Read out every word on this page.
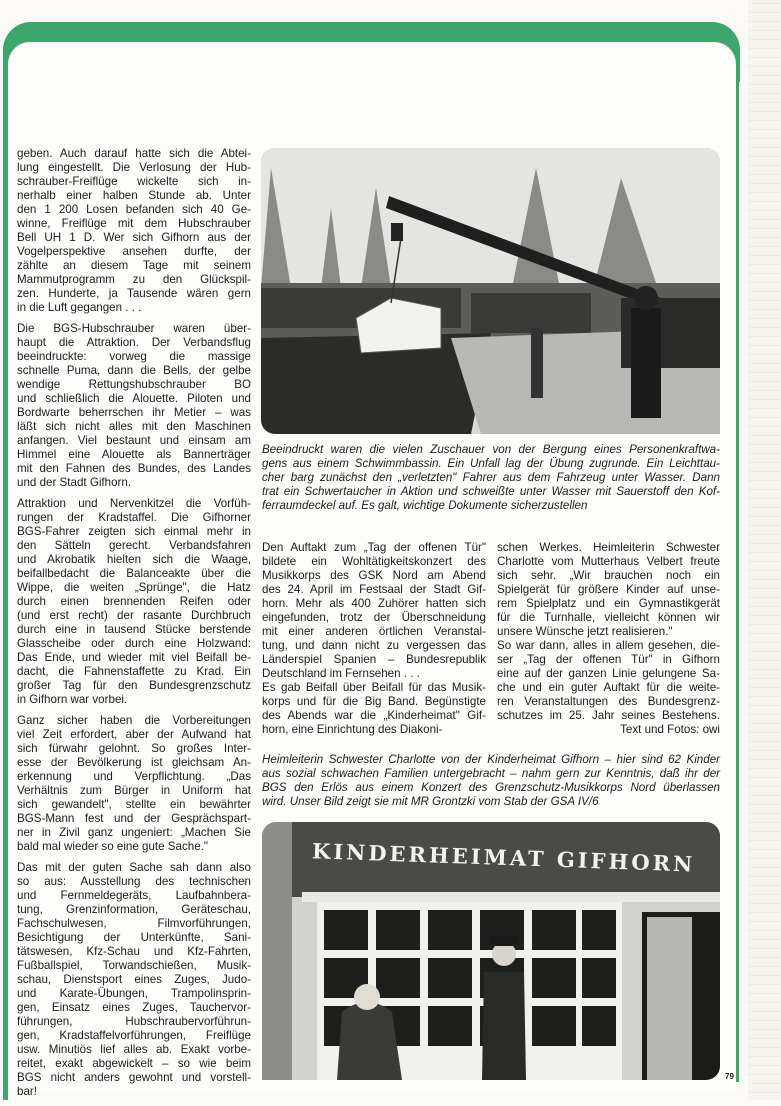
geben. Auch darauf hatte sich die Abtei-
lung eingestellt. Die Verlosung der Hub-
schrauber-Freiflüge wickelte sich in-
nerhalb einer halben Stunde ab. Unter
den 1 200 Losen befanden sich 40 Ge-
winne, Freiflüge mit dem Hubschrauber
Bell UH 1 D. Wer sich Gifhorn aus der
Vogelperspektive ansehen durfte, der
zählte an diesem Tage mit seinem
Mammutprogramm zu den Glückspil-
zen. Hunderte, ja Tausende wären gern
in die Luft gegangen . . .
Die BGS-Hubschrauber waren über-
haupt die Attraktion. Der Verbandsflug
beeindruckte: vorweg die massige
schnelle Puma, dann die Bells, der gelbe
wendige Rettungshubschrauber BO
und schließlich die Alouette. Piloten und
Bordwarte beherrschen ihr Metier – was
läßt sich nicht alles mit den Maschinen
anfangen. Viel bestaunt und einsam am
Himmel eine Alouette als Bannerträger
mit den Fahnen des Bundes, des Landes
und der Stadt Gifhorn.
Attraktion und Nervenkitzel die Vorfüh-
rungen der Kradstaffel. Die Gifhorner
BGS-Fahrer zeigten sich einmal mehr in
den Sätteln gerecht. Verbandsfahren
und Akrobatik hielten sich die Waage,
beifallbedacht die Balanceakte über die
Wippe, die weiten „Sprünge", die Hatz
durch einen brennenden Reifen oder
(und erst recht) der rasante Durchbruch
durch eine in tausend Stücke berstende
Glasscheibe oder durch eine Holzwand:
Das Ende, und wieder mit viel Beifall be-
dacht, die Fahnenstaffette zu Krad. Ein
großer Tag für den Bundesgrenzschutz
in Gifhorn war vorbei.
Ganz sicher haben die Vorbereitungen
viel Zeit erfordert, aber der Aufwand hat
sich fürwahr gelohnt. So großes Inter-
esse der Bevölkerung ist gleichsam An-
erkennung und Verpflichtung. „Das
Verhältnis zum Bürger in Uniform hat
sich gewandelt", stellte ein bewährter
BGS-Mann fest und der Gesprächspart-
ner in Zivil ganz ungeniert: „Machen Sie
bald mal wieder so eine gute Sache."
Das mit der guten Sache sah dann also
so aus: Ausstellung des technischen
und Fernmeldegeräts, Laufbahnbera-
tung, Grenzinformation, Geräteschau,
Fachschulwesen, Filmvorführungen,
Besichtigung der Unterkünfte, Sani-
tätswesen, Kfz-Schau und Kfz-Fahrten,
Fußballspiel, Torwandschießen, Musik-
schau, Dienstsport eines Zuges, Judo-
und Karate-Übungen, Trampolinsprin-
gen, Einsatz eines Zuges, Tauchervor-
führungen, Hubschraubervorführun-
gen, Kradstaffelvorführungen, Freiflüge
usw. Minutiös lief alles ab. Exakt vorbe-
reitet, exakt abgewickelt – so wie beim
BGS nicht anders gewohnt und vorstell-
bar!
Beeindruckt waren die vielen Zuschauer von der Bergung eines Personenkraftwa-
gens aus einem Schwimmbassin. Ein Unfall lag der Übung zugrunde. Ein Leichttau-
cher barg zunächst den „verletzten" Fahrer aus dem Fahrzeug unter Wasser. Dann
trat ein Schwertaucher in Aktion und schweißte unter Wasser mit Sauerstoff den Kof-
ferraumdeckel auf. Es galt, wichtige Dokumente sicherzustellen
Den Auftakt zum „Tag der offenen Tür"
bildete ein Wohltätigkeitskonzert des
Musikkorps des GSK Nord am Abend
des 24. April im Festsaal der Stadt Gif-
horn. Mehr als 400 Zuhörer hatten sich
eingefunden, trotz der Überschneidung
mit einer anderen örtlichen Veranstal-
tung, und dann nicht zu vergessen das
Länderspiel Spanien – Bundesrepublik
Deutschland im Fernsehen . . .
Es gab Beifall über Beifall für das Musik-
korps und für die Big Band. Begünstigte
des Abends war die „Kinderheimat" Gif-
horn, eine Einrichtung des Diakoni-
schen Werkes. Heimleiterin Schwester
Charlotte vom Mutterhaus Velbert freute
sich sehr. „Wir brauchen noch ein
Spielgerät für größere Kinder auf unse-
rem Spielplatz und ein Gymnastikgerät
für die Turnhalle, vielleicht können wir
unsere Wünsche jetzt realisieren."
So war dann, alles in allem gesehen, die-
ser „Tag der offenen Tür" in Gifhorn
eine auf der ganzen Linie gelungene Sa-
che und ein guter Auftakt für die weite-
ren Veranstaltungen des Bundesgrenz-
schutzes im 25. Jahr seines Bestehens.
Text und Fotos: owi
Heimleiterin Schwester Charlotte von der Kinderheimat Gifhorn – hier sind 62 Kinder
aus sozial schwachen Familien untergebracht – nahm gern zur Kenntnis, daß ihr der
BGS den Erlös aus einem Konzert des Grenzschutz-Musikkorps Nord überlassen
wird. Unser Bild zeigt sie mit MR Grontzki vom Stab der GSA IV/6
KINDERHEIMAT GIFHORN
79
